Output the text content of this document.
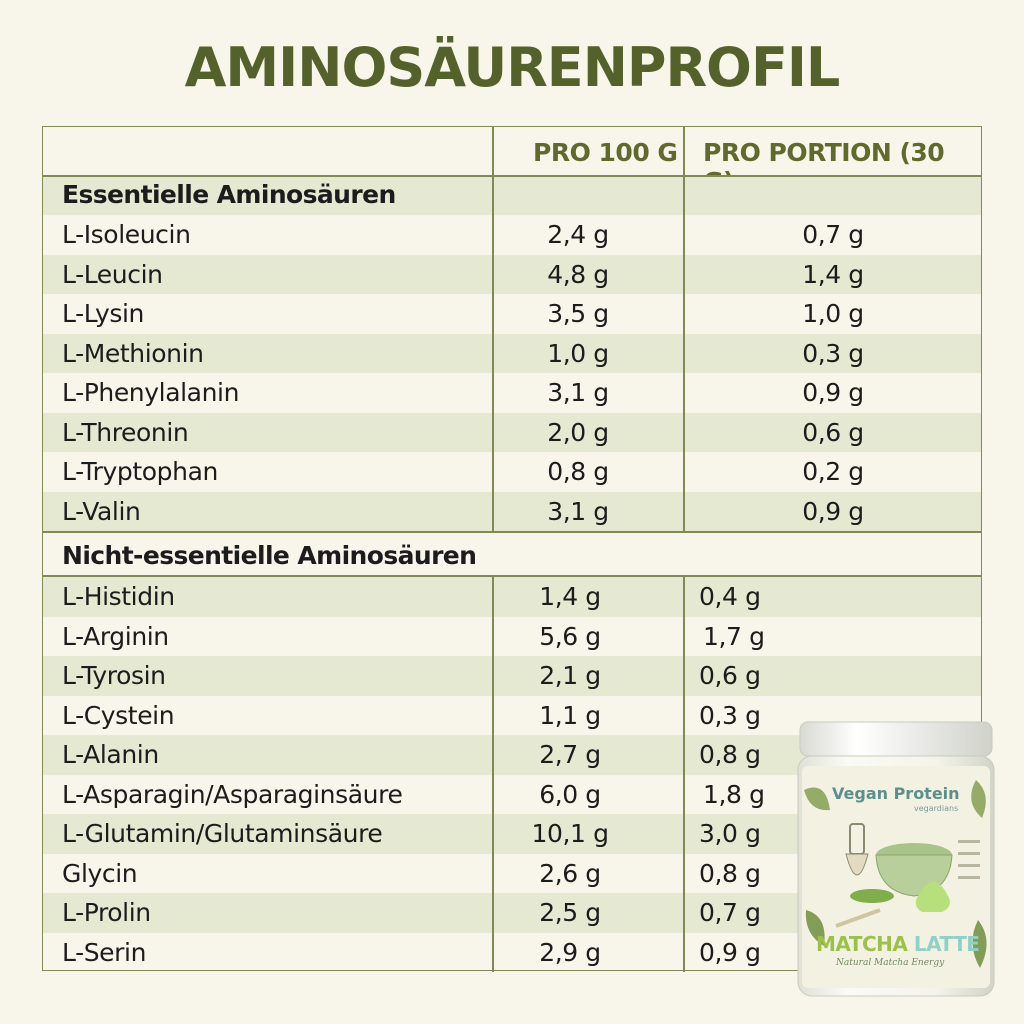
AMINOSÄURENPROFIL
PRO 100 G PRO PORTION (30
Essentielle Aminosäuren
L-Isoleucin	2,4 g	0,7 g
L-Leucin	4,8 g	1,4 g
L-Lysin	3,5 g	1,0 g
L-Methionin	1,0 g	0,3 g
L-Phenylalanin	3,1 g	0,9 g
L-Threonin	2,0 g	0,6 g
L-Tryptophan	0,8 g	0,2 g
L-Valin	3,1 g	0,9 g
Nicht-essentielle Aminosäuren
L-Histidin	1,4 g	0,4 g
L-Arginin	5,6 g	1,7 g
L-Tyrosin	2,1 g	0,6 g
L-Cystein	1,1 g	0,3 g
L-Alanin	2,7 g	0,8 g
L-Asparagin/Asparaginsäure	6,0 g	1,8 g
L-Glutamin/Glutaminsäure	10,1 g	3,0 g
Glycin	2,6 g	0,8 g
L-Prolin	2,5 g	0,7 g
L-Serin	2,9 g	0,9 g
Vegan Protein
vegardians
MATCHA LATTE
Natural Matcha Energy
